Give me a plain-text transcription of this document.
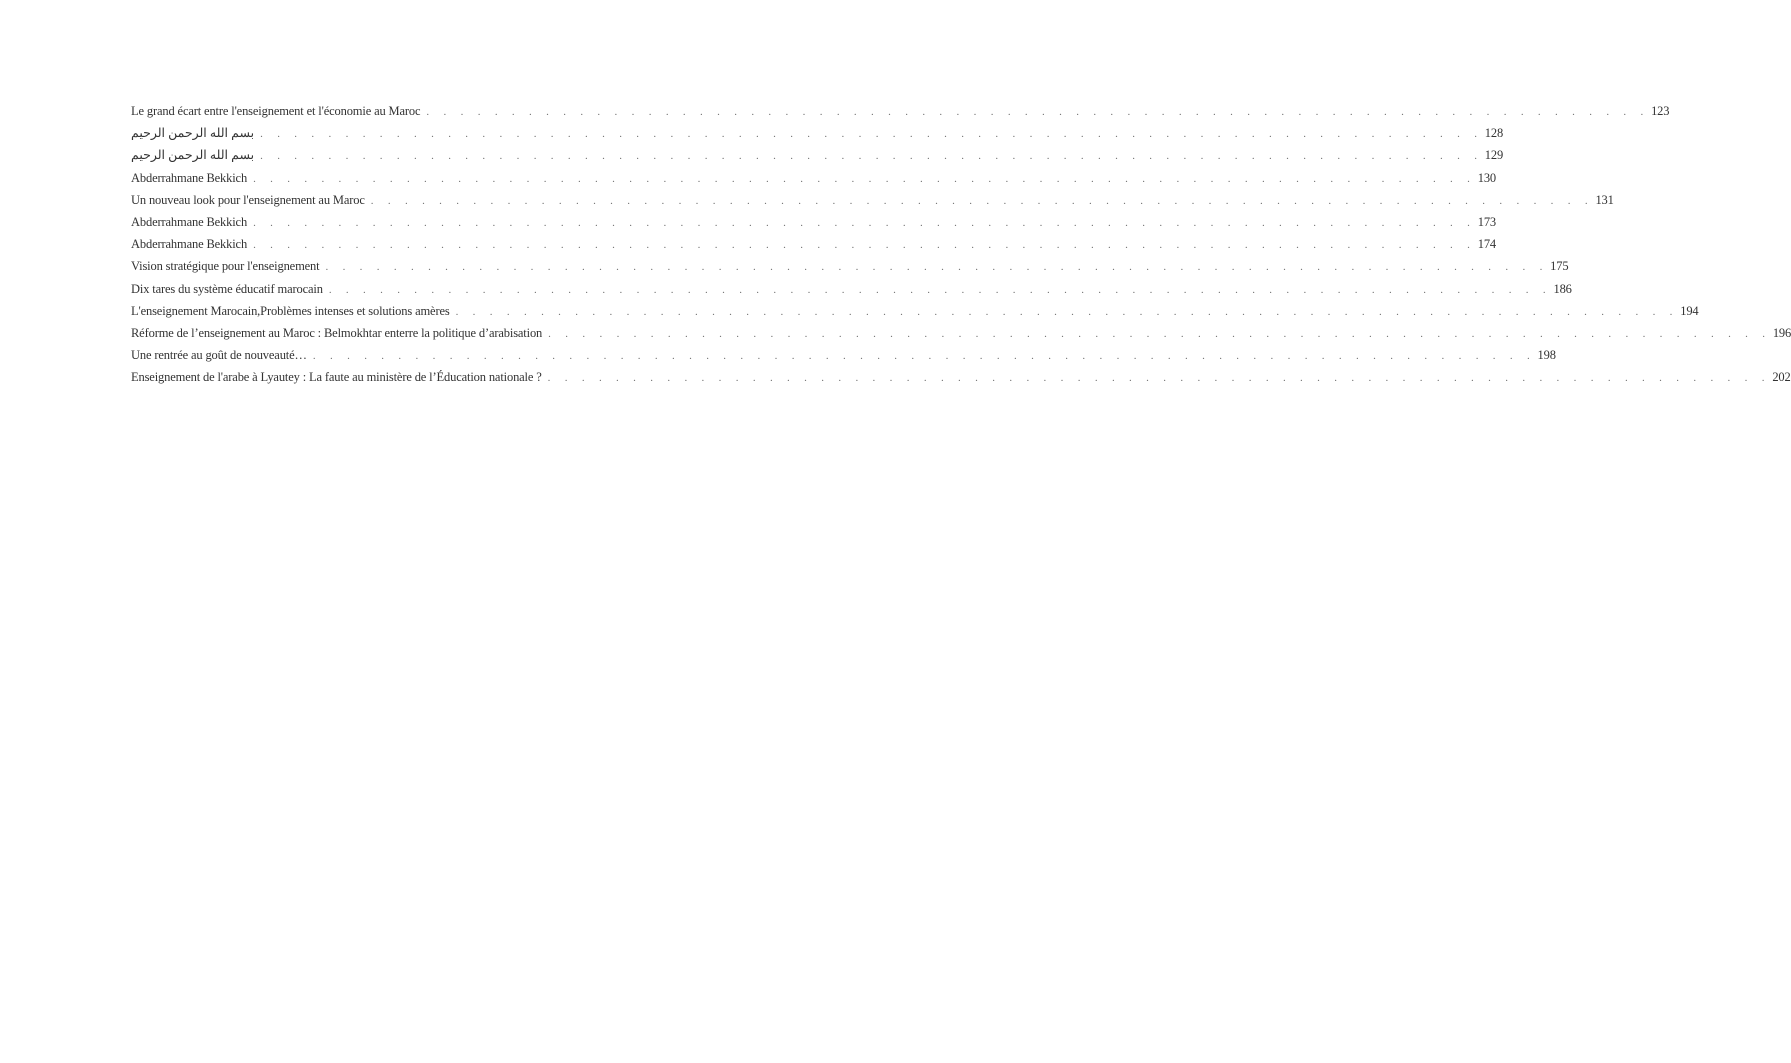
Le grand écart entre l'enseignement et l'économie au Maroc . . . . . . . . . . . . . . . . . . . . . . . . . . . . . . . . . . . . . . . . . . . . . . . . . . . . . . . . . . . . . . . . . . . . . . . . 123
بسم الله الرحمن الرحيم . . . . . . . . . . . . . . . . . . . . . . . . . . . . . . . . . . . . . . . . . . . . . . . . . . . . . . . . . . . . . . . . . . . . . . . . 128
بسم الله الرحمن الرحيم . . . . . . . . . . . . . . . . . . . . . . . . . . . . . . . . . . . . . . . . . . . . . . . . . . . . . . . . . . . . . . . . . . . . . . . . 129
Abderrahmane Bekkich . . . . . . . . . . . . . . . . . . . . . . . . . . . . . . . . . . . . . . . . . . . . . . . . . . . . . . . . . . . . . . . . . . . . . . . . 130
Un nouveau look pour l'enseignement au Maroc . . . . . . . . . . . . . . . . . . . . . . . . . . . . . . . . . . . . . . . . . . . . . . . . . . . . . . . . . . . . . . . . . . . . . . . . 131
Abderrahmane Bekkich . . . . . . . . . . . . . . . . . . . . . . . . . . . . . . . . . . . . . . . . . . . . . . . . . . . . . . . . . . . . . . . . . . . . . . . . 173
Abderrahmane Bekkich . . . . . . . . . . . . . . . . . . . . . . . . . . . . . . . . . . . . . . . . . . . . . . . . . . . . . . . . . . . . . . . . . . . . . . . . 174
Vision stratégique pour l'enseignement . . . . . . . . . . . . . . . . . . . . . . . . . . . . . . . . . . . . . . . . . . . . . . . . . . . . . . . . . . . . . . . . . . . . . . . . 175
Dix tares du système éducatif marocain . . . . . . . . . . . . . . . . . . . . . . . . . . . . . . . . . . . . . . . . . . . . . . . . . . . . . . . . . . . . . . . . . . . . . . . . 186
L'enseignement Marocain,Problèmes intenses et solutions amères . . . . . . . . . . . . . . . . . . . . . . . . . . . . . . . . . . . . . . . . . . . . . . . . . . . . . . . . . . . . . . . . . . . . . . . . 194
Réforme de l’enseignement au Maroc : Belmokhtar enterre la politique d’arabisation . . . . . . . . . . . . . . . . . . . . . . . . . . . . . . . . . . . . . . . . . . . . . . . . . . . . . . . . . . . . . . . . . . . . . . . . 196
Une rentrée au goût de nouveauté… . . . . . . . . . . . . . . . . . . . . . . . . . . . . . . . . . . . . . . . . . . . . . . . . . . . . . . . . . . . . . . . . . . . . . . . . 198
Enseignement de l'arabe à Lyautey : La faute au ministère de l’Éducation nationale ? . . . . . . . . . . . . . . . . . . . . . . . . . . . . . . . . . . . . . . . . . . . . . . . . . . . . . . . . . . . . . . . . . . . . . . . . 202
